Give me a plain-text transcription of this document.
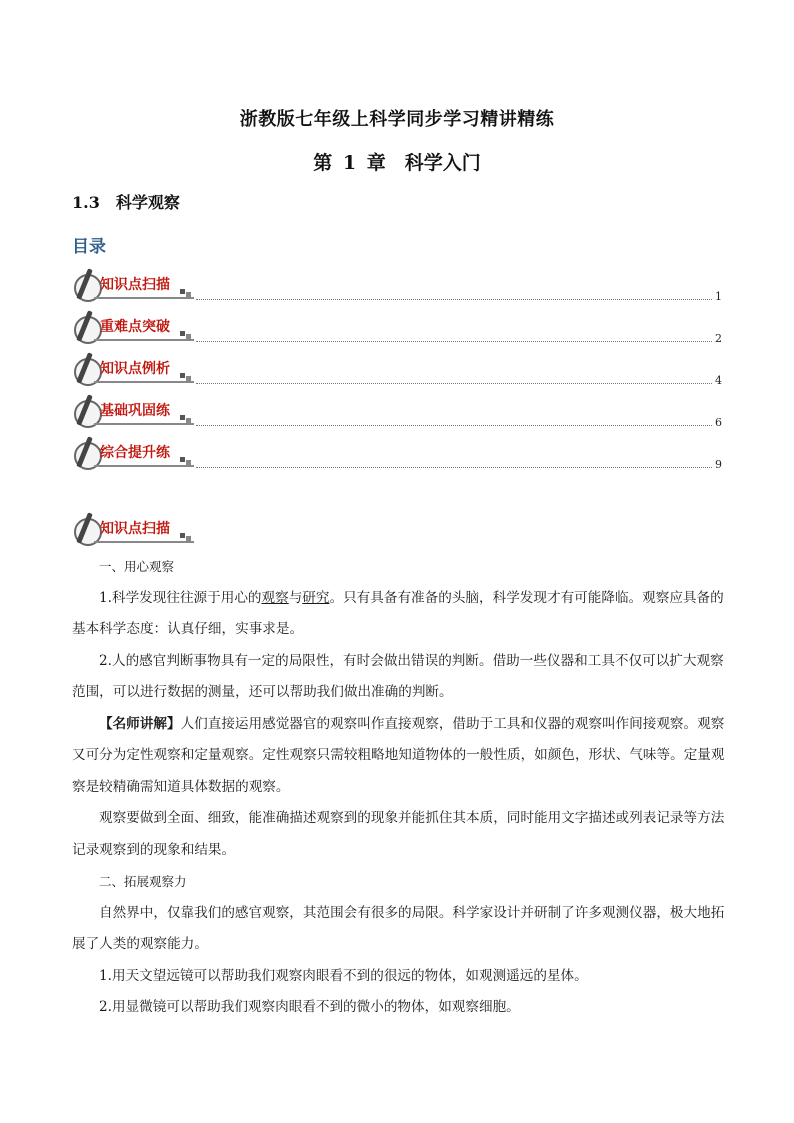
浙教版七年级上科学同步学习精讲精练
第 1 章　科学入门
1.3　科学观察
目录
知识点扫描
1
重难点突破
2
知识点例析
4
基础巩固练
6
综合提升练
9
知识点扫描

一、用心观察

1.科学发现往往源于用心的观察与研究。只有具备有准备的头脑，科学发现才有可能降临。观察应具备的基本科学态度：认真仔细，实事求是。

2.人的感官判断事物具有一定的局限性，有时会做出错误的判断。借助一些仪器和工具不仅可以扩大观察范围，可以进行数据的测量，还可以帮助我们做出准确的判断。

【名师讲解】人们直接运用感觉器官的观察叫作直接观察，借助于工具和仪器的观察叫作间接观察。观察又可分为定性观察和定量观察。定性观察只需较粗略地知道物体的一般性质，如颜色，形状、气味等。定量观察是较精确需知道具体数据的观察。

观察要做到全面、细致，能准确描述观察到的现象并能抓住其本质，同时能用文字描述或列表记录等方法记录观察到的现象和结果。

二、拓展观察力

自然界中，仅靠我们的感官观察，其范围会有很多的局限。科学家设计并研制了许多观测仪器，极大地拓展了人类的观察能力。

1.用天文望远镜可以帮助我们观察肉眼看不到的很远的物体，如观测遥远的星体。

2.用显微镜可以帮助我们观察肉眼看不到的微小的物体，如观察细胞。
